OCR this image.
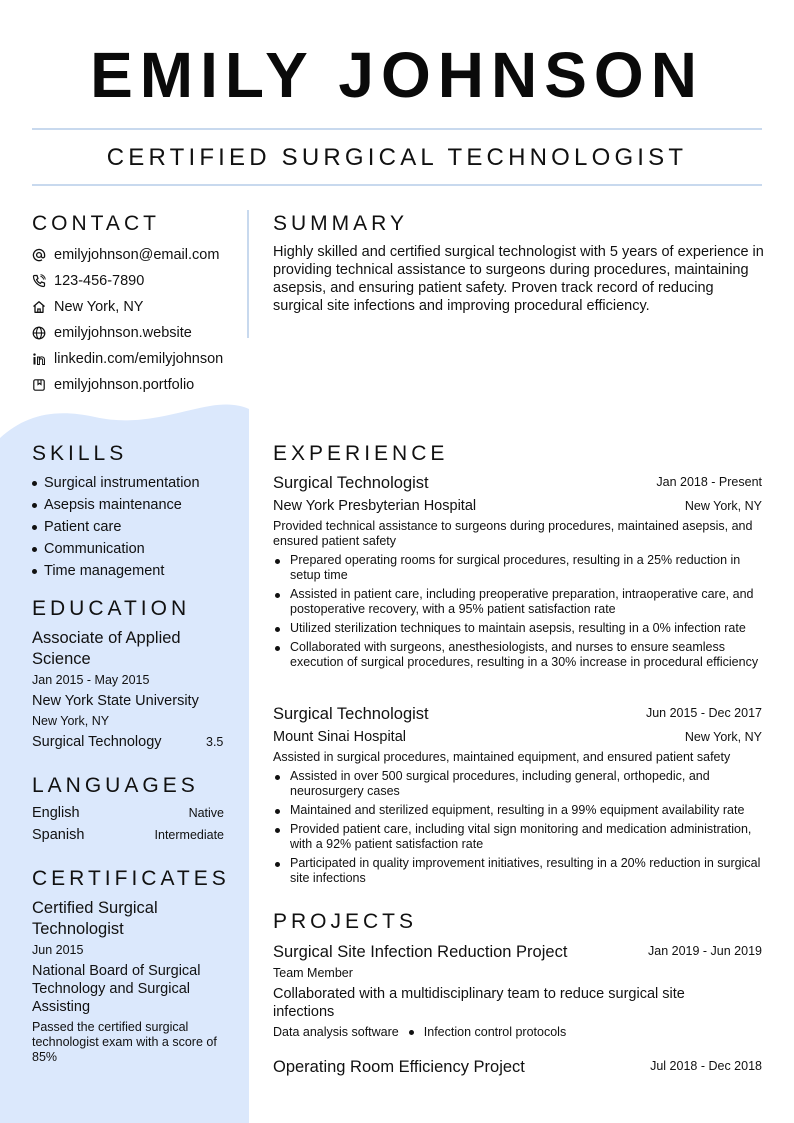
EMILY JOHNSON
CERTIFIED SURGICAL TECHNOLOGIST
CONTACT
emilyjohnson@email.com
123-456-7890
New York, NY
emilyjohnson.website
linkedin.com/emilyjohnson
emilyjohnson.portfolio
SKILLS
Surgical instrumentation
Asepsis maintenance
Patient care
Communication
Time management
EDUCATION
Associate of Applied
Science
Jan 2015 - May 2015
New York State University
New York, NY
Surgical Technology	3.5
LANGUAGES
English	Native
Spanish	Intermediate
CERTIFICATES
Certified Surgical
Technologist
Jun 2015
National Board of Surgical
Technology and Surgical
Assisting
Passed the certified surgical
technologist exam with a score of
85%
SUMMARY
Highly skilled and certified surgical technologist with 5 years of experience in providing technical assistance to surgeons during procedures, maintaining asepsis, and ensuring patient safety. Proven track record of reducing surgical site infections and improving procedural efficiency.
EXPERIENCE
Surgical Technologist	Jan 2018 - Present
New York Presbyterian Hospital	New York, NY
Provided technical assistance to surgeons during procedures, maintained asepsis, and ensured patient safety
Prepared operating rooms for surgical procedures, resulting in a 25% reduction in setup time
Assisted in patient care, including preoperative preparation, intraoperative care, and postoperative recovery, with a 95% patient satisfaction rate
Utilized sterilization techniques to maintain asepsis, resulting in a 0% infection rate
Collaborated with surgeons, anesthesiologists, and nurses to ensure seamless execution of surgical procedures, resulting in a 30% increase in procedural efficiency
Surgical Technologist	Jun 2015 - Dec 2017
Mount Sinai Hospital	New York, NY
Assisted in surgical procedures, maintained equipment, and ensured patient safety
Assisted in over 500 surgical procedures, including general, orthopedic, and neurosurgery cases
Maintained and sterilized equipment, resulting in a 99% equipment availability rate
Provided patient care, including vital sign monitoring and medication administration, with a 92% patient satisfaction rate
Participated in quality improvement initiatives, resulting in a 20% reduction in surgical site infections
PROJECTS
Surgical Site Infection Reduction Project	Jan 2019 - Jun 2019
Team Member
Collaborated with a multidisciplinary team to reduce surgical site
infections
Data analysis software Infection control protocols
Operating Room Efficiency Project	Jul 2018 - Dec 2018
